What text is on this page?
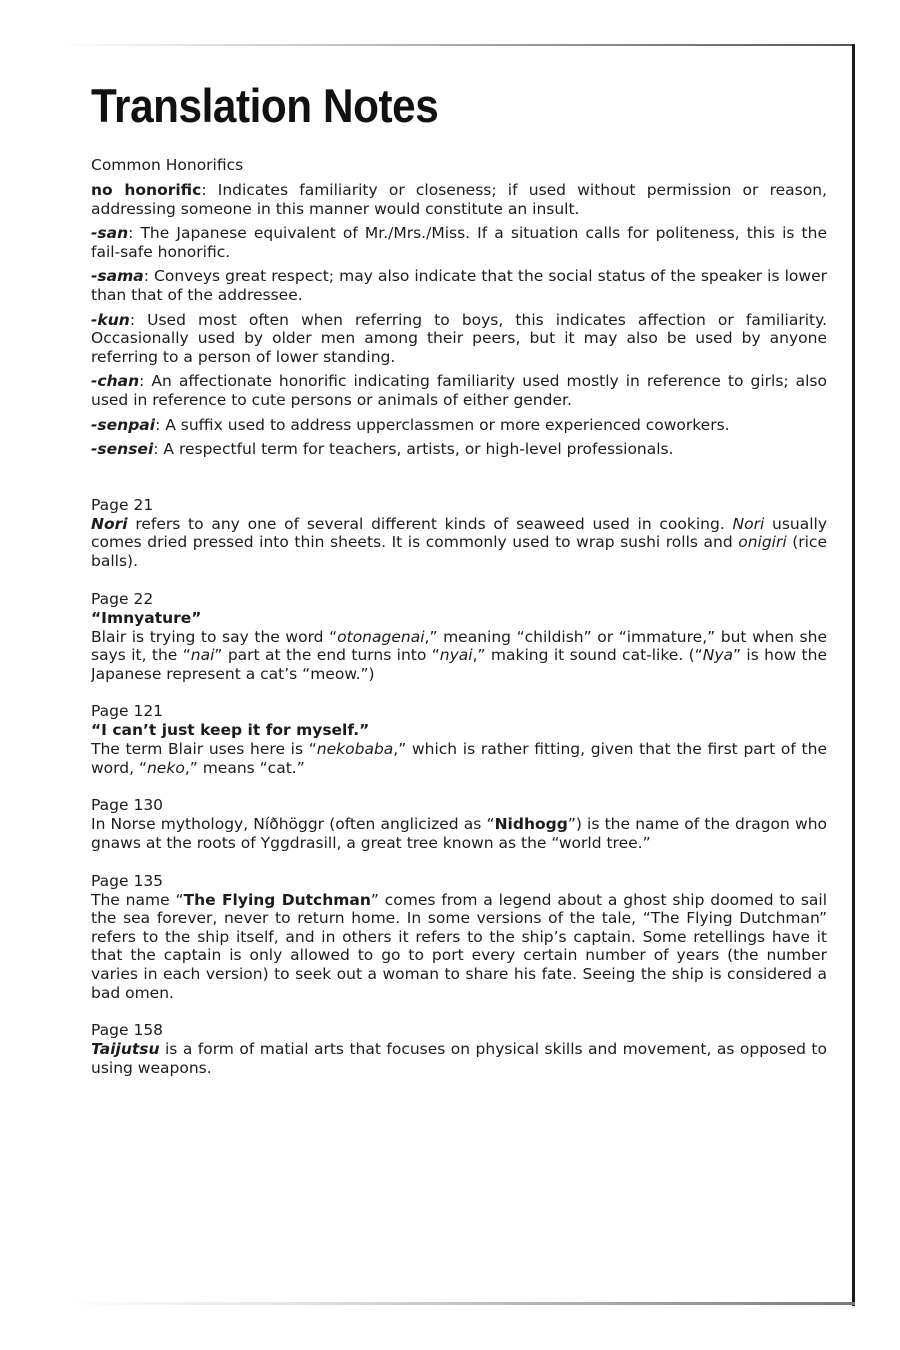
Translation Notes

Common Honorifics

no honorific: Indicates familiarity or closeness; if used without permission or reason, addressing someone in this manner would constitute an insult.

-san: The Japanese equivalent of Mr./Mrs./Miss. If a situation calls for politeness, this is the fail-safe honorific.

-sama: Conveys great respect; may also indicate that the social status of the speaker is lower than that of the addressee.

-kun: Used most often when referring to boys, this indicates affection or familiarity. Occasionally used by older men among their peers, but it may also be used by anyone referring to a person of lower standing.

-chan: An affectionate honorific indicating familiarity used mostly in reference to girls; also used in reference to cute persons or animals of either gender.

-senpai: A suffix used to address upperclassmen or more experienced coworkers.

-sensei: A respectful term for teachers, artists, or high-level professionals.

Page 21

Nori refers to any one of several different kinds of seaweed used in cooking. Nori usually comes dried pressed into thin sheets. It is commonly used to wrap sushi rolls and onigiri (rice balls).

Page 22

“Imnyature”

Blair is trying to say the word “otonagenai,” meaning “childish” or “immature,” but when she says it, the “nai” part at the end turns into “nyai,” making it sound cat-like. (“Nya” is how the Japanese represent a cat’s “meow.”)

Page 121

“I can’t just keep it for myself.”

The term Blair uses here is “nekobaba,” which is rather fitting, given that the first part of the word, “neko,” means “cat.”

Page 130

In Norse mythology, Níðhöggr (often anglicized as “Nidhogg”) is the name of the dragon who gnaws at the roots of Yggdrasill, a great tree known as the “world tree.”

Page 135

The name “The Flying Dutchman” comes from a legend about a ghost ship doomed to sail the sea forever, never to return home. In some versions of the tale, “The Flying Dutchman” refers to the ship itself, and in others it refers to the ship’s captain. Some retellings have it that the captain is only allowed to go to port every certain number of years (the number varies in each version) to seek out a woman to share his fate. Seeing the ship is considered a bad omen.

Page 158

Taijutsu is a form of matial arts that focuses on physical skills and movement, as opposed to using weapons.
